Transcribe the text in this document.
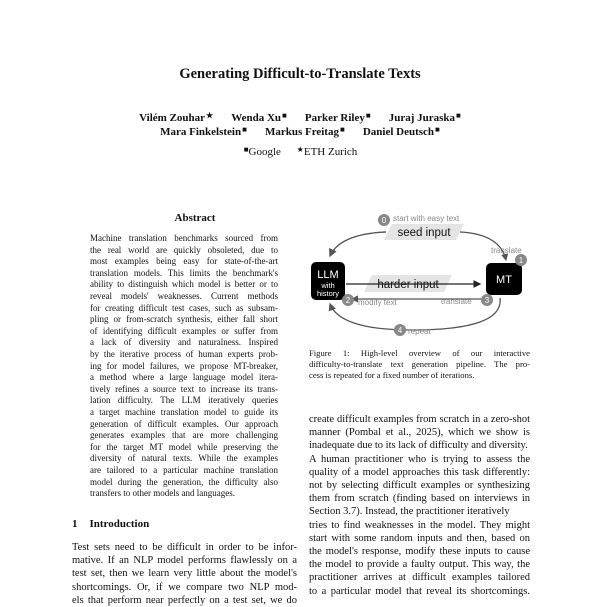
Generating Difficult-to-Translate Texts
Vilém Zouhar★ Wenda Xu■ Parker Riley■ Juraj Juraska■
Mara Finkelstein■ Markus Freitag■ Daniel Deutsch■
■Google ★ETH Zurich
Abstract
Machine translation benchmarks sourced from
the real world are quickly obsoleted, due to
most examples being easy for state-of-the-art
translation models. This limits the benchmark's
ability to distinguish which model is better or to
reveal models' weaknesses. Current methods
for creating difficult test cases, such as subsam-
pling or from-scratch synthesis, either fall short
of identifying difficult examples or suffer from
a lack of diversity and naturalness. Inspired
by the iterative process of human experts prob-
ing for model failures, we propose MT-breaker,
a method where a large language model itera-
tively refines a source text to increase its trans-
lation difficulty. The LLM iteratively queries
a target machine translation model to guide its
generation of difficult examples. Our approach
generates examples that are more challenging
for the target MT model while preserving the
diversity of natural texts. While the examples
are tailored to a particular machine translation
model during the generation, the difficulty also
transfers to other models and languages.
1 Introduction
Test sets need to be difficult in order to be infor-
mative. If an NLP model performs flawlessly on a
test set, then we learn very little about the model's
shortcomings. Or, if we compare two NLP mod-
els that perform near perfectly on a test set, we do
0 start with easy text
seed input
LLM
with
history
MT
1
translate
harder input
2 modify text	3
translate
4 repeat
Figure 1: High-level overview of our interactive
difficulty-to-translate text generation pipeline. The pro-
cess is repeated for a fixed number of iterations.
create difficult examples from scratch in a zero-shot
manner (Pombal et al., 2025), which we show is
inadequate due to its lack of difficulty and diversity.
A human practitioner who is trying to assess the
quality of a model approaches this task differently:
not by selecting difficult examples or synthesizing
them from scratch (finding based on interviews in
Section 3.7). Instead, the practitioner iteratively
tries to find weaknesses in the model. They might
start with some random inputs and then, based on
the model's response, modify these inputs to cause
the model to provide a faulty output. This way, the
practitioner arrives at difficult examples tailored
to a particular model that reveal its shortcomings.
